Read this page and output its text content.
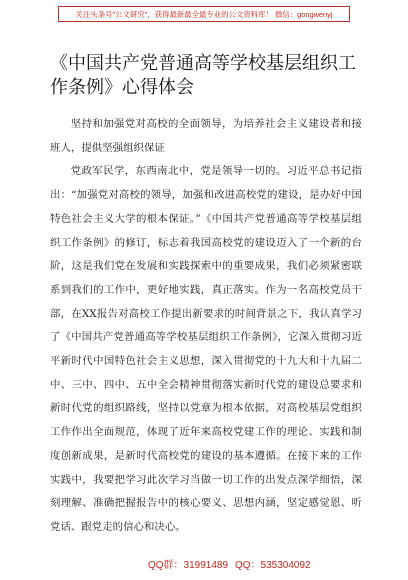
关注头条号"公文研究"，获得最新最全最专业的公文资料库！ 微信：gongwenyj
《中国共产党普通高等学校基层组织工作条例》心得体会

坚持和加强党对高校的全面领导，为培养社会主义建设者和接班人，提供坚强组织保证

党政军民学，东西南北中，党是领导一切的。习近平总书记指出：“加强党对高校的领导，加强和改进高校党的建设，是办好中国特色社会主义大学的根本保证。”《中国共产党普通高等学校基层组织工作条例》的修订，标志着我国高校党的建设迈入了一个新的台阶，这是我们党在发展和实践探索中的重要成果，我们必须紧密联系到我们的工作中，更好地实践，真正落实。作为一名高校党员干部，在XX报告对高校工作提出新要求的时间背景之下，我认真学习了《中国共产党普通高等学校基层组织工作条例》，它深入贯彻习近平新时代中国特色社会主义思想，深入贯彻党的十九大和十九届二中、三中、四中、五中全会精神贯彻落实新时代党的建设总要求和新时代党的组织路线，坚持以党章为根本依据，对高校基层党组织工作作出全面规范，体现了近年来高校党建工作的理论、实践和制度创新成果，是新时代高校党的建设的基本遵循。在接下来的工作实践中，我要把学习此次学习当做一切工作的出发点深学细悟，深刻理解、准确把握报告中的核心要义、思想内涵，坚定感觉恩、听党话、跟党走的信心和决心。

QQ群：31991489 QQ：535304092
